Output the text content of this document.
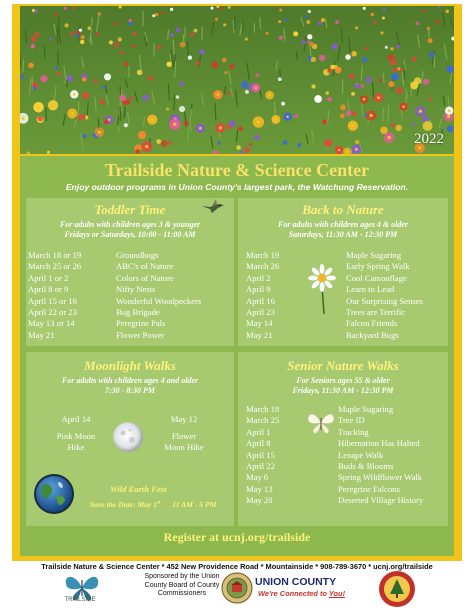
2022
Trailside Nature & Science Center
Enjoy outdoor programs in Union County's largest park, the Watchung Reservation.
Toddler Time
For adults with children ages 3 & younger
Fridays or Saturdays, 10:00 - 11:00 AM
March 18 or 19	Groundhogs
March 25 or 26	ABC's of Nature
April 1 or 2	Colors of Nature
April 8 or 9	Nifty Nests
April 15 or 16	Wonderful Woodpeckers
April 22 or 23	Bug Brigade
May 13 or 14	Peregrine Pals
May 21	Flower Power
Back to Nature
For adults with children ages 4 & older
Saturdays, 11:30 AM - 12:30 PM
March 19	Maple Sugaring
March 26	Early Spring Walk
April 2	Cool Camouflage
April 9	Learn to Lead
April 16	Our Surprising Senses
April 23	Trees are Terrific
May 14	Falcon Friends
May 21	Backyard Bugs
Moonlight Walks
For adults with children ages 4 and older
7:30 - 8:30 PM
April 14
Pink Moon
Hike
May 12
Flower
Moon Hike
Wild Earth Fest
Save the Date: May 1st 11 AM - 5 PM
Senior Nature Walks
For Seniors ages 55 & older
Fridays, 11:30 AM - 12:30 PM
March 18	Maple Sugaring
March 25	Tree ID
April 1	Tracking
April 8	Hibernation Has Halted
April 15	Lenape Walk
April 22	Buds & Blooms
May 6	Spring Wildflower Walk
May 13	Peregrine Falcons
May 20	Deserted Village History
Register at ucnj.org/trailside
Trailside Nature & Science Center * 452 New Providence Road * Mountainside * 908-789-3670 * ucnj.org/trailside
TRAILSIDE
Sponsored by the Union
County Board of County
Commissioners
UNION COUNTY
We're Connected to You!
